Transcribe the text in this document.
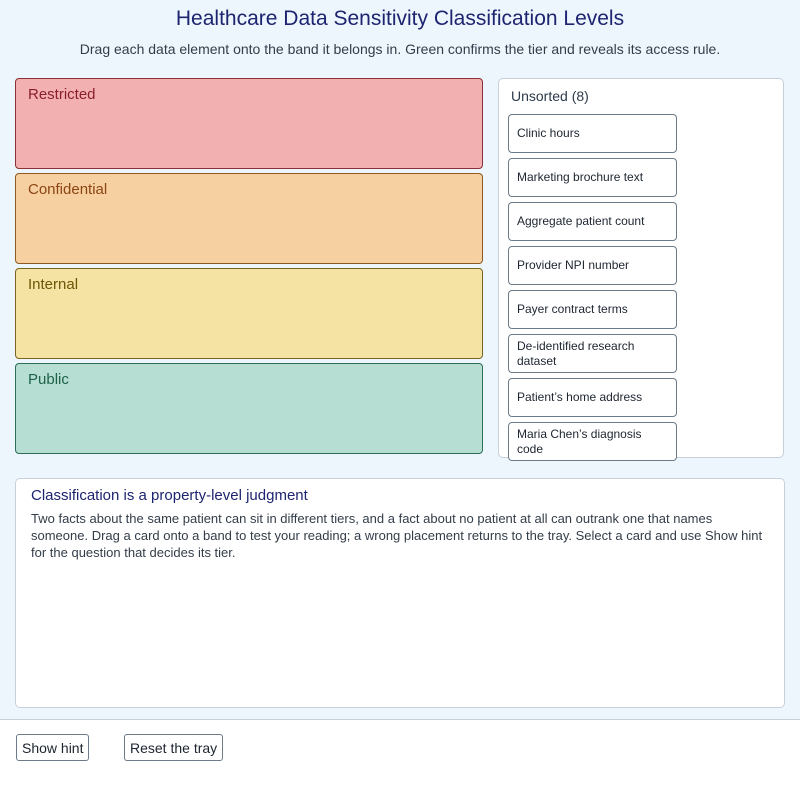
Healthcare Data Sensitivity Classification Levels

Drag each data element onto the band it belongs in. Green confirms the tier and reveals its access rule.

Restricted
Confidential
Internal
Public
Unsorted (8)
Clinic hours
Marketing brochure text
Aggregate patient count
Provider NPI number
Payer contract terms
De-identified research dataset
Patient’s home address
Maria Chen’s diagnosis code
Classification is a property-level judgment

Two facts about the same patient can sit in different tiers, and a fact about no patient at all can outrank one that names someone. Drag a card onto a band to test your reading; a wrong placement returns to the tray. Select a card and use Show hint for the question that decides its tier.

Show hint	Reset the tray
